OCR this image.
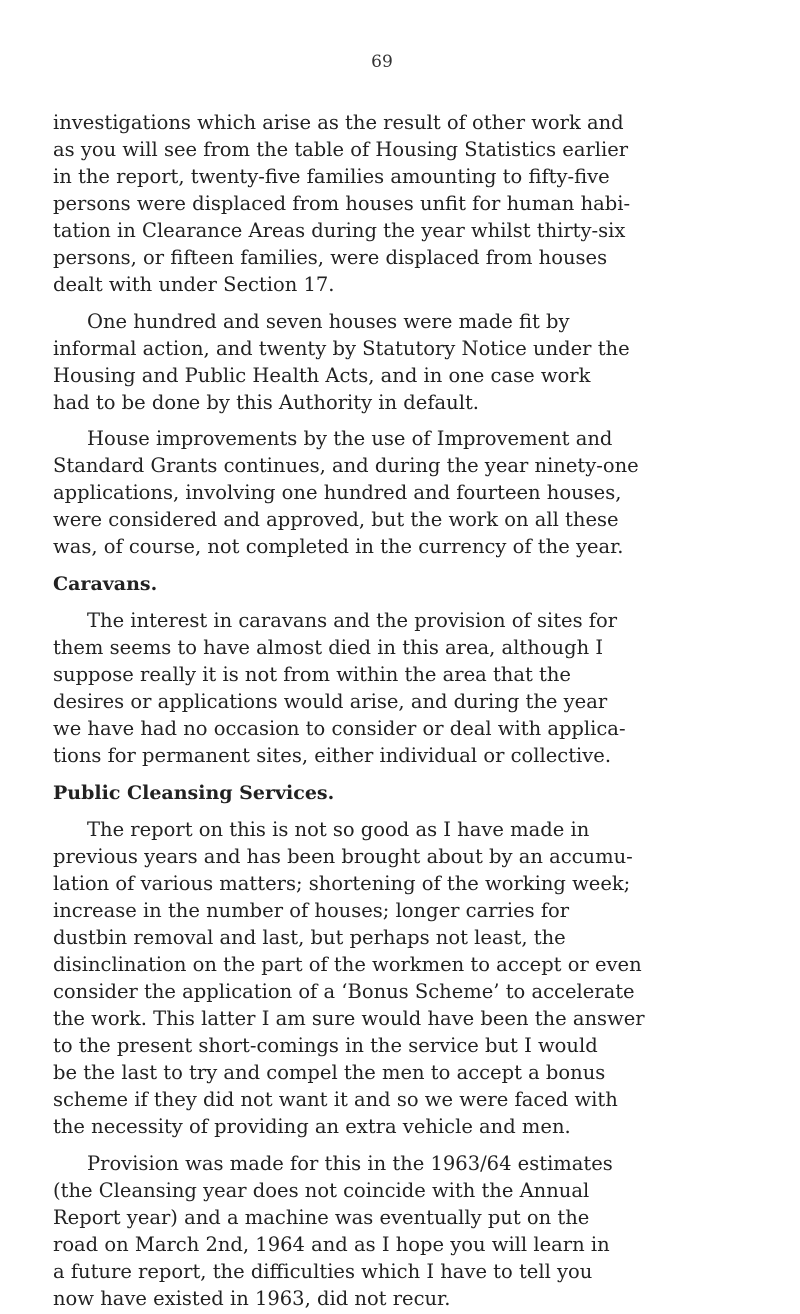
69
investigations which arise as the result of other work and
as you will see from the table of Housing Statistics earlier
in the report, twenty-five families amounting to fifty-five
persons were displaced from houses unfit for human habi-
tation in Clearance Areas during the year whilst thirty-six
persons, or fifteen families, were displaced from houses
dealt with under Section 17.
One hundred and seven houses were made fit by
informal action, and twenty by Statutory Notice under the
Housing and Public Health Acts, and in one case work
had to be done by this Authority in default.
House improvements by the use of Improvement and
Standard Grants continues, and during the year ninety-one
applications, involving one hundred and fourteen houses,
were considered and approved, but the work on all these
was, of course, not completed in the currency of the year.
Caravans.
The interest in caravans and the provision of sites for
them seems to have almost died in this area, although I
suppose really it is not from within the area that the
desires or applications would arise, and during the year
we have had no occasion to consider or deal with applica-
tions for permanent sites, either individual or collective.
Public Cleansing Services.
The report on this is not so good as I have made in
previous years and has been brought about by an accumu-
lation of various matters; shortening of the working week;
increase in the number of houses; longer carries for
dustbin removal and last, but perhaps not least, the
disinclination on the part of the workmen to accept or even
consider the application of a ‘Bonus Scheme’ to accelerate
the work. This latter I am sure would have been the answer
to the present short-comings in the service but I would
be the last to try and compel the men to accept a bonus
scheme if they did not want it and so we were faced with
the necessity of providing an extra vehicle and men.
Provision was made for this in the 1963/64 estimates
(the Cleansing year does not coincide with the Annual
Report year) and a machine was eventually put on the
road on March 2nd, 1964 and as I hope you will learn in
a future report, the difficulties which I have to tell you
now have existed in 1963, did not recur.
